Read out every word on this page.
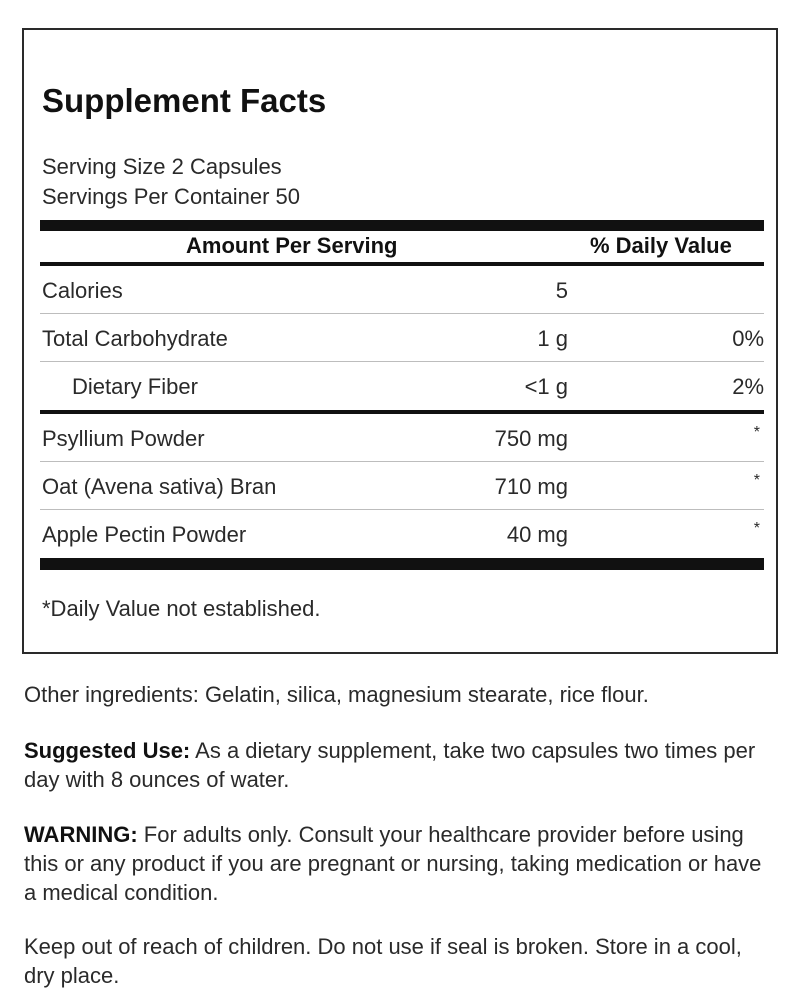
Supplement Facts
Serving Size 2 Capsules
Servings Per Container 50
Amount Per Serving	% Daily Value
Calories	5
Total Carbohydrate	1 g	0%
Dietary Fiber	<1 g	2%
Psyllium Powder	750 mg	*
Oat (Avena sativa) Bran	710 mg	*
Apple Pectin Powder	40 mg	*
*Daily Value not established.
Other ingredients: Gelatin, silica, magnesium stearate, rice flour.
Suggested Use: As a dietary supplement, take two capsules two times per day with 8 ounces of water.
WARNING: For adults only. Consult your healthcare provider before using this or any product if you are pregnant or nursing, taking medication or have a medical condition.
Keep out of reach of children. Do not use if seal is broken. Store in a cool, dry place.
